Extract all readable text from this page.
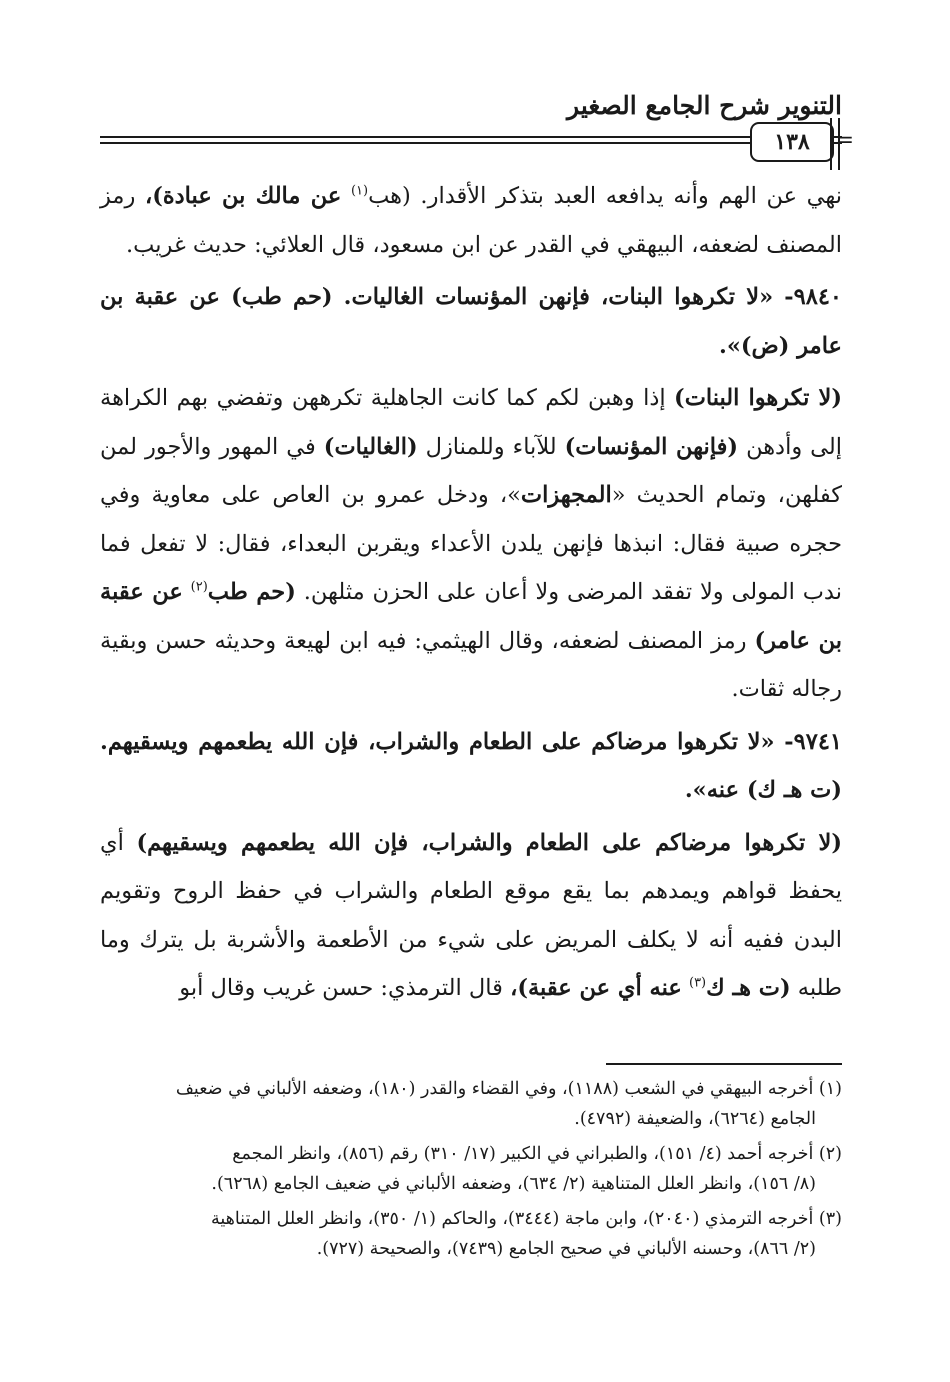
التنوير شرح الجامع الصغير
١٣٨	=

نهي عن الهم وأنه يدافعه العبد بتذكر الأقدار. (هب$^{(١)}$ عن مالك بن عبادة)، رمز المصنف لضعفه، البيهقي في القدر عن ابن مسعود، قال العلائي: حديث غريب.

٩٨٤٠- «لا تكرهوا البنات، فإنهن المؤنسات الغاليات. (حم طب) عن عقبة بن عامر (ض)».

(لا تكرهوا البنات) إذا وهبن لكم كما كانت الجاهلية تكرههن وتفضي بهم الكراهة إلى وأدهن (فإنهن المؤنسات) للآباء وللمنازل (الغاليات) في المهور والأجور لمن كفلهن، وتمام الحديث «المجهزات»، ودخل عمرو بن العاص على معاوية وفي حجره صبية فقال: انبذها فإنهن يلدن الأعداء ويقربن البعداء، فقال: لا تفعل فما ندب المولى ولا تفقد المرضى ولا أعان على الحزن مثلهن. (حم طب$^{(٢)}$ عن عقبة بن عامر) رمز المصنف لضعفه، وقال الهيثمي: فيه ابن لهيعة وحديثه حسن وبقية رجاله ثقات.

٩٧٤١- «لا تكرهوا مرضاكم على الطعام والشراب، فإن الله يطعمهم ويسقيهم. (ت هـ ك) عنه».

(لا تكرهوا مرضاكم على الطعام والشراب، فإن الله يطعمهم ويسقيهم) أي يحفظ قواهم ويمدهم بما يقع موقع الطعام والشراب في حفظ الروح وتقويم البدن ففيه أنه لا يكلف المريض على شيء من الأطعمة والأشربة بل يترك وما طلبه (ت هـ ك$^{(٣)}$ عنه أي عن عقبة)، قال الترمذي: حسن غريب وقال أبو

(١) أخرجه البيهقي في الشعب (١١٨٨)، وفي القضاء والقدر (١٨٠)، وضعفه الألباني في ضعيف
الجامع (٦٢٦٤)، والضعيفة (٤٧٩٢).

(٢) أخرجه أحمد (٤/ ١٥١)، والطبراني في الكبير (١٧/ ٣١٠) رقم (٨٥٦)، وانظر المجمع
(٨/ ١٥٦)، وانظر العلل المتناهية (٢/ ٦٣٤)، وضعفه الألباني في ضعيف الجامع (٦٢٦٨).

(٣) أخرجه الترمذي (٢٠٤٠)، وابن ماجة (٣٤٤٤)، والحاكم (١/ ٣٥٠)، وانظر العلل المتناهية
(٢/ ٨٦٦)، وحسنه الألباني في صحيح الجامع (٧٤٣٩)، والصحيحة (٧٢٧).
